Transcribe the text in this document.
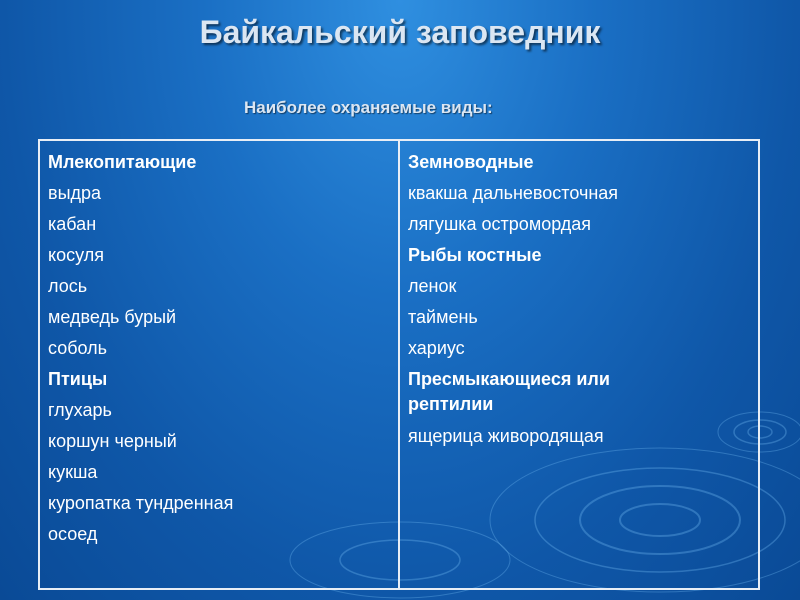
Байкальский заповедник
Наиболее охраняемые виды:
Млекопитающие
выдра
кабан
косуля
лось
медведь бурый
соболь
Птицы
глухарь
коршун черный
кукша
куропатка тундренная
осоед
Земноводные
квакша дальневосточная
лягушка остромордая
Рыбы костные
ленок
таймень
хариус
Пресмыкающиеся или рептилии
ящерица живородящая
